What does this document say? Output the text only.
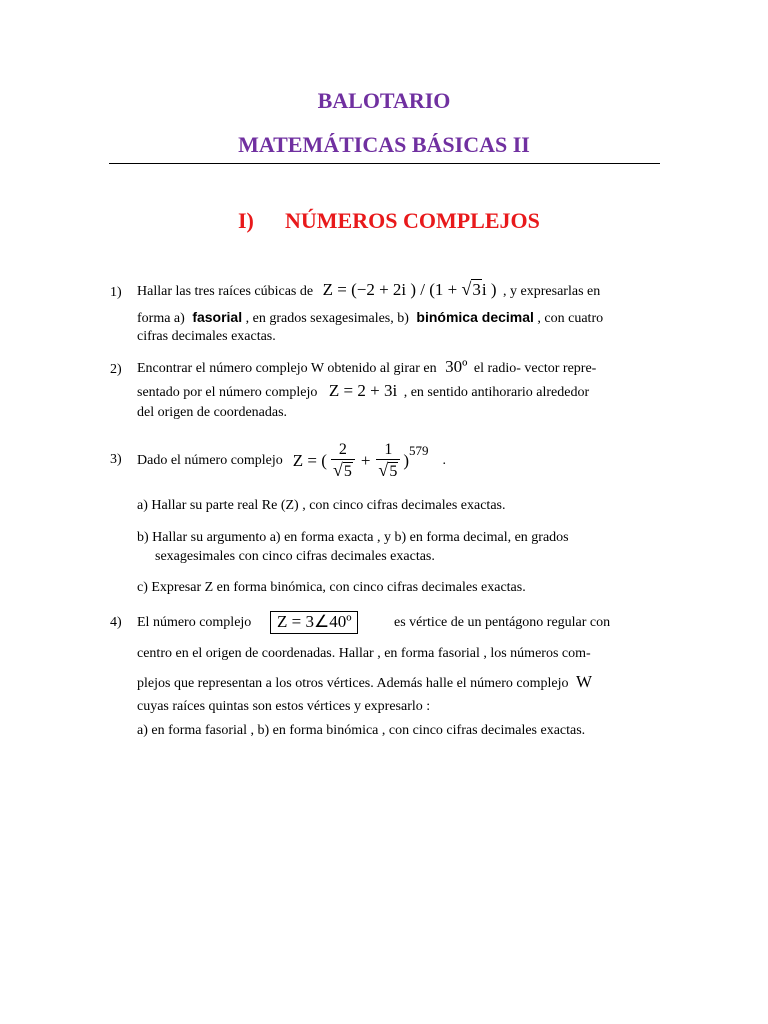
BALOTARIO
MATEMÁTICAS BÁSICAS II
I) NÚMEROS COMPLEJOS
1) Hallar las tres raíces cúbicas de Z = (−2 + 2i ) / (1 + √3i ) , y expresarlas en
forma a) fasorial , en grados sexagesimales, b) binómica decimal , con cuatro
cifras decimales exactas.
2) Encontrar el número complejo W obtenido al girar en 30º el radio- vector repre-
sentado por el número complejo Z = 2 + 3i , en sentido antihorario alrededor
del origen de coordenadas.
3) Dado el número complejo Z = ( $\frac{2}{√5} + \frac{1}{√5}$ )
579
.
a) Hallar su parte real Re (Z) , con cinco cifras decimales exactas.
b) Hallar su argumento a) en forma exacta , y b) en forma decimal, en grados
sexagesimales con cinco cifras decimales exactas.
c) Expresar Z en forma binómica, con cinco cifras decimales exactas.
4) El número complejo	Z = 3∠40º	es vértice de un pentágono regular con
centro en el origen de coordenadas. Hallar , en forma fasorial , los números com-
plejos que representan a los otros vértices. Además halle el número complejo W
cuyas raíces quintas son estos vértices y expresarlo :
a) en forma fasorial , b) en forma binómica , con cinco cifras decimales exactas.
